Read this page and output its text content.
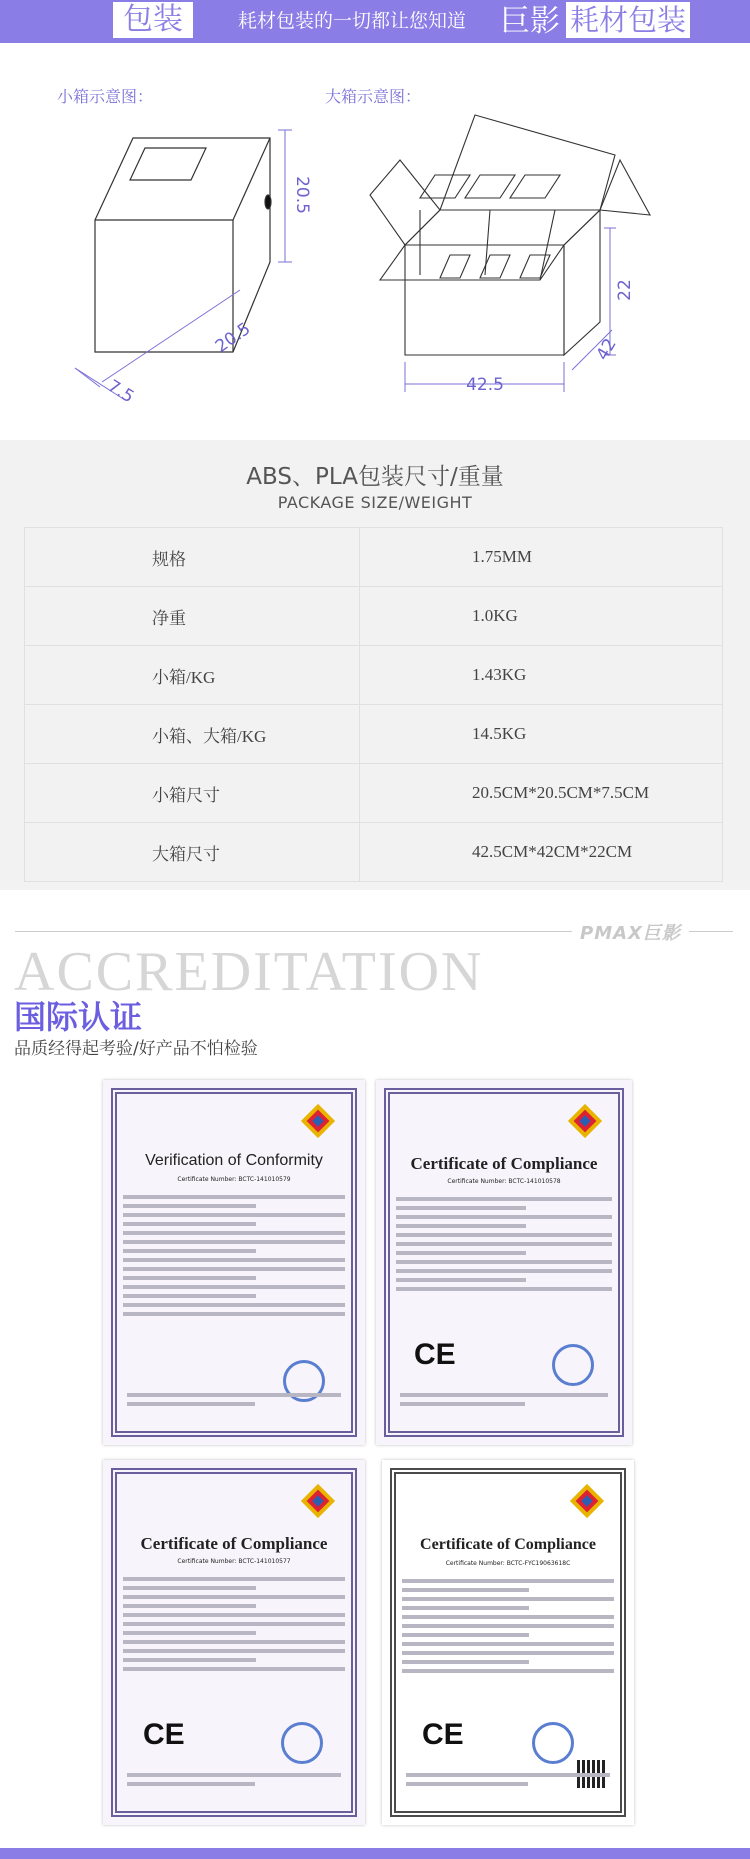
包装	耗材包装的一切都让您知道 巨影 耗材包装
小箱示意图：	大箱示意图：
20.5
20.5
7.5
22
42.5
42
ABS、PLA包装尺寸/重量
PACKAGE SIZE/WEIGHT
规格	1.75MM
净重	1.0KG
小箱/KG	1.43KG
小箱、大箱/KG	14.5KG
小箱尺寸	20.5CM*20.5CM*7.5CM
大箱尺寸	42.5CM*42CM*22CM
PMAX巨影
ACCREDITATION
国际认证
品质经得起考验/好产品不怕检验
Verification of Conformity
Certificate Number: BCTC-141010579
Certificate of Compliance
Certificate Number: BCTC-141010578
CE
Certificate of Compliance
Certificate Number: BCTC-141010577
CE
Certificate of Compliance
Certificate Number: BCTC-FYC19063618C
CE
